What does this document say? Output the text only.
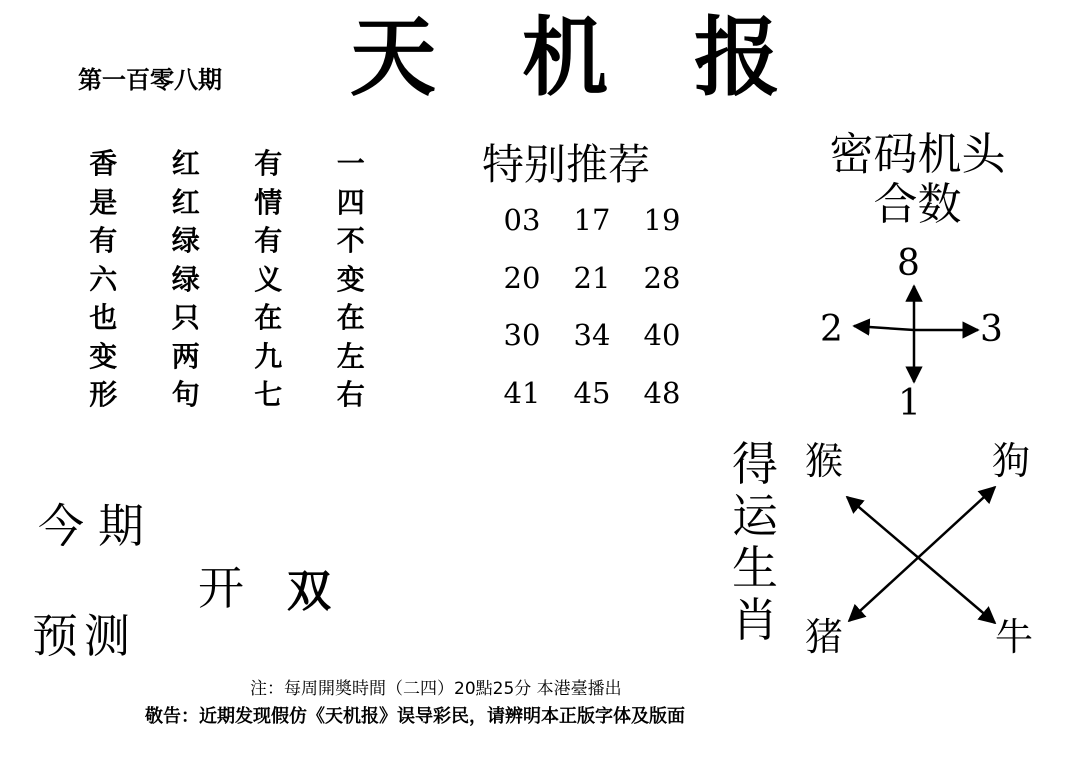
天 机 报
第一百零八期
香	红	有	一
是	红	情	四
有	绿	有	不
六	绿	义	变
也	只	在	在
变	两	九	左
形	句	七	右
特别推荐
03	17	19
20	21	28
30	34	40
41	45	48
密码机头
合数
8
2	3
1
得
运
生
肖
猴	狗
猪	牛
今期
开 双
预测
注：每周開奬時間（二四）20點25分 本港臺播出
敬告：近期发现假仿《天机报》误导彩民，请辨明本正版字体及版面
